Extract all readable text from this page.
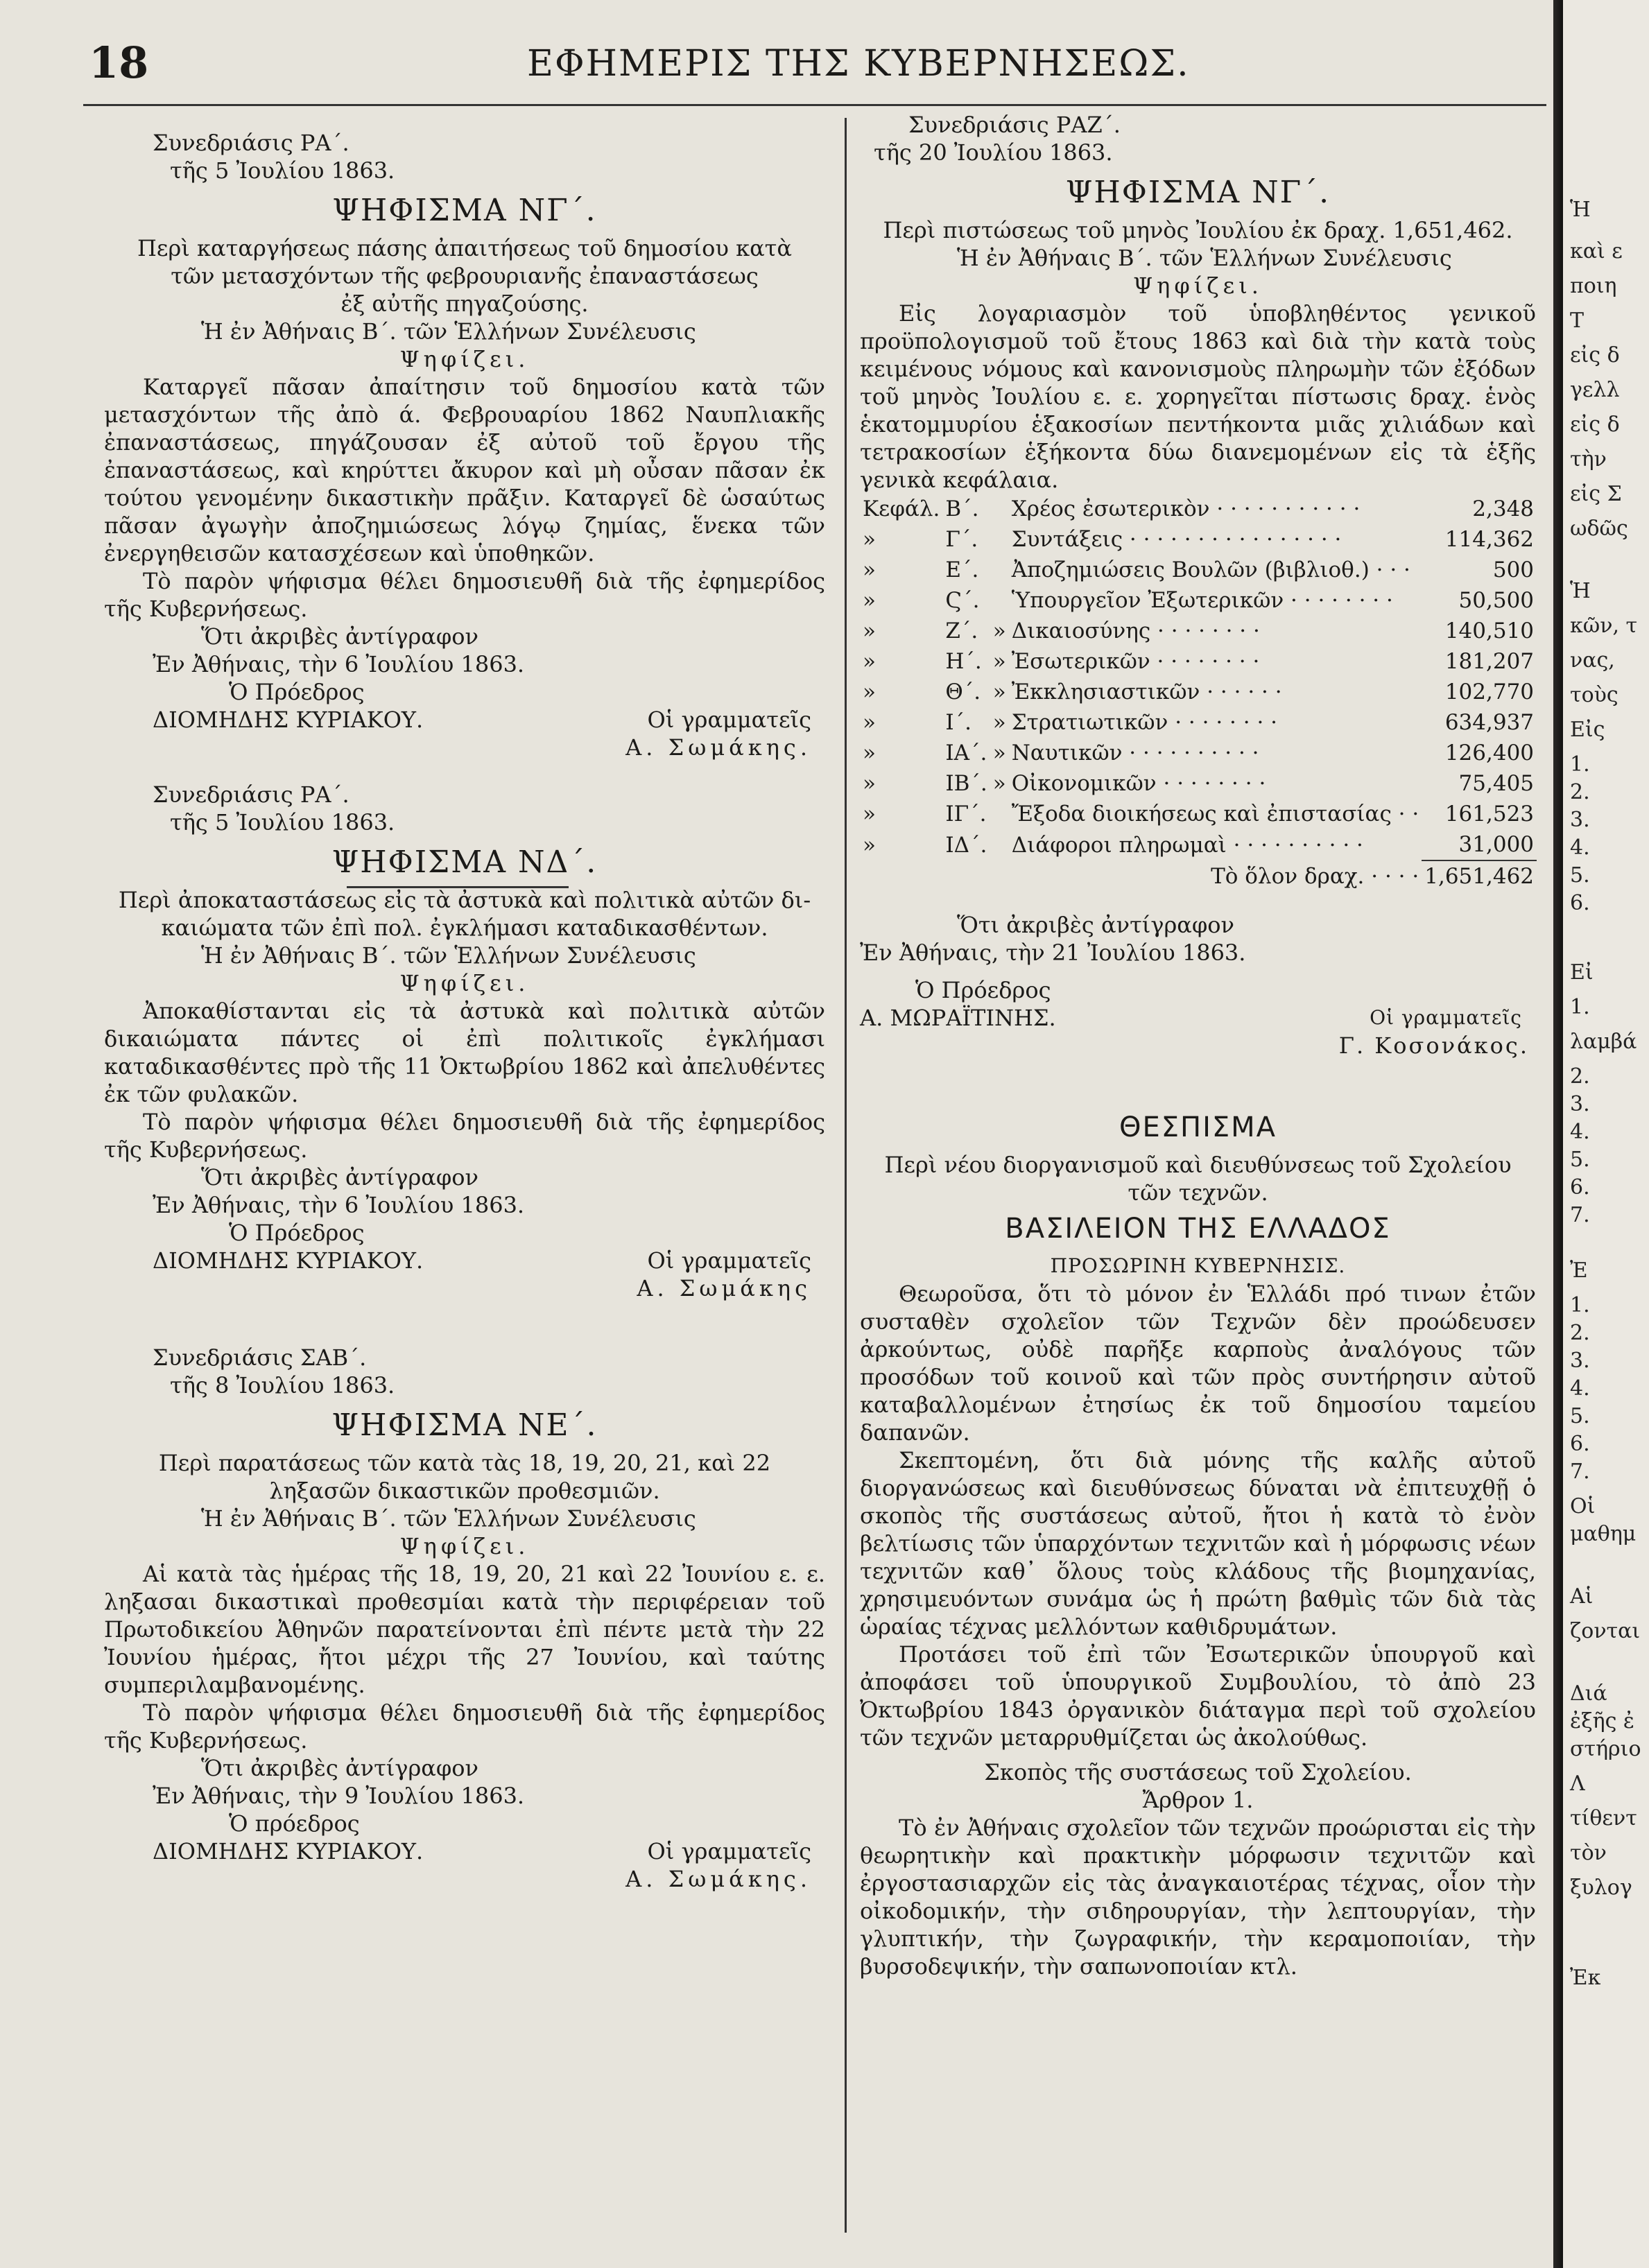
18	ΕΦΗΜΕΡΙΣ ΤΗΣ ΚΥΒΕΡΝΗΣΕΩΣ.

Συνεδριάσις ΡΑ΄.

τῆς 5 Ἰουλίου 1863.

ΨΗΦΙΣΜΑ ΝΓ΄.

Περὶ καταργήσεως πάσης ἀπαιτήσεως τοῦ δημοσίου κατὰ

τῶν μετασχόντων τῆς φεβρουριανῆς ἐπαναστάσεως

ἐξ αὐτῆς πηγαζούσης.

Ἡ ἐν Ἀθήναις Β΄. τῶν Ἑλλήνων Συνέλευσις

Ψηφίζει.

Καταργεῖ πᾶσαν ἀπαίτησιν τοῦ δημοσίου κατὰ τῶν μετασχόντων τῆς ἀπὸ ά. Φεβρουαρίου 1862 Ναυπλιακῆς ἐπαναστάσεως, πηγάζουσαν ἐξ αὐτοῦ τοῦ ἔργου τῆς ἐπαναστάσεως, καὶ κηρύττει ἄκυρον καὶ μὴ οὖσαν πᾶσαν ἐκ τούτου γενομένην δικαστικὴν πρᾶξιν. Καταργεῖ δὲ ὡσαύτως πᾶσαν ἀγωγὴν ἀποζημιώσεως λόγῳ ζημίας, ἕνεκα τῶν ἐνεργηθεισῶν κατασχέσεων καὶ ὑποθηκῶν.

Τὸ παρὸν ψήφισμα θέλει δημοσιευθῆ διὰ τῆς ἐφημερίδος τῆς Κυβερνήσεως.

Ὅτι ἀκριβὲς ἀντίγραφον

Ἐν Ἀθήναις, τὴν 6 Ἰουλίου 1863.

Ὁ Πρόεδρος

ΔΙΟΜΗΔΗΣ ΚΥΡΙΑΚΟΥ.	Οἱ γραμματεῖς

Α. Σωμάκης.

Συνεδριάσις ΡΑ΄.

τῆς 5 Ἰουλίου 1863.

ΨΗΦΙΣΜΑ ΝΔ΄.

Περὶ ἀποκαταστάσεως εἰς τὰ ἀστυκὰ καὶ πολιτικὰ αὐτῶν δι-

καιώματα τῶν ἐπὶ πολ. ἐγκλήμασι καταδικασθέντων.

Ἡ ἐν Ἀθήναις Β΄. τῶν Ἑλλήνων Συνέλευσις

Ψηφίζει.

Ἀποκαθίστανται εἰς τὰ ἀστυκὰ καὶ πολιτικὰ αὐτῶν δικαιώματα πάντες οἱ ἐπὶ πολιτικοῖς ἐγκλήμασι καταδικασθέντες πρὸ τῆς 11 Ὀκτωβρίου 1862 καὶ ἀπελυθέντες ἐκ τῶν φυλακῶν.

Τὸ παρὸν ψήφισμα θέλει δημοσιευθῆ διὰ τῆς ἐφημερίδος τῆς Κυβερνήσεως.

Ὅτι ἀκριβὲς ἀντίγραφον

Ἐν Ἀθήναις, τὴν 6 Ἰουλίου 1863.

Ὁ Πρόεδρος

ΔΙΟΜΗΔΗΣ ΚΥΡΙΑΚΟΥ.	Οἱ γραμματεῖς

Α. Σωμάκης

Συνεδριάσις ΣΑΒ΄.

τῆς 8 Ἰουλίου 1863.

ΨΗΦΙΣΜΑ ΝΕ΄.

Περὶ παρατάσεως τῶν κατὰ τὰς 18, 19, 20, 21, καὶ 22

ληξασῶν δικαστικῶν προθεσμιῶν.

Ἡ ἐν Ἀθήναις Β΄. τῶν Ἑλλήνων Συνέλευσις

Ψηφίζει.

Αἱ κατὰ τὰς ἡμέρας τῆς 18, 19, 20, 21 καὶ 22 Ἰουνίου ε. ε. ληξασαι δικαστικαὶ προθεσμίαι κατὰ τὴν περιφέρειαν τοῦ Πρωτοδικείου Ἀθηνῶν παρατείνονται ἐπὶ πέντε μετὰ τὴν 22 Ἰουνίου ἡμέρας, ἤτοι μέχρι τῆς 27 Ἰουνίου, καὶ ταύτης συμπεριλαμβανομένης.

Τὸ παρὸν ψήφισμα θέλει δημοσιευθῆ διὰ τῆς ἐφημερίδος τῆς Κυβερνήσεως.

Ὅτι ἀκριβὲς ἀντίγραφον

Ἐν Ἀθήναις, τὴν 9 Ἰουλίου 1863.

Ὁ πρόεδρος

ΔΙΟΜΗΔΗΣ ΚΥΡΙΑΚΟΥ.	Οἱ γραμματεῖς

Α. Σωμάκης.

Συνεδριάσις ΡΑΖ΄.

τῆς 20 Ἰουλίου 1863.

ΨΗΦΙΣΜΑ ΝΓ΄.

Περὶ πιστώσεως τοῦ μηνὸς Ἰουλίου ἐκ δραχ. 1,651,462.

Ἡ ἐν Ἀθήναις Β΄. τῶν Ἑλλήνων Συνέλευσις

Ψηφίζει.

Εἰς λογαριασμὸν τοῦ ὑποβληθέντος γενικοῦ προϋπολογισμοῦ τοῦ ἔτους 1863 καὶ διὰ τὴν κατὰ τοὺς κειμένους νόμους καὶ κανονισμοὺς πληρωμὴν τῶν ἐξόδων τοῦ μηνὸς Ἰουλίου ε. ε. χορηγεῖται πίστωσις δραχ. ἑνὸς ἑκατομμυρίου ἑξακοσίων πεντήκοντα μιᾶς χιλιάδων καὶ τετρακοσίων ἑξήκοντα δύω διανεμομένων εἰς τὰ ἑξῆς γενικὰ κεφάλαια.

Κεφάλ.	Β΄.		Χρέος ἐσωτερικὸν · · · · · · · · · · ·	2,348
»	Γ΄.		Συντάξεις · · · · · · · · · · · · · · · ·	114,362
»	Ε΄.		Ἀποζημιώσεις Βουλῶν (βιβλιοθ.) · · ·	500
»	Ϛ΄.		Ὑπουργεῖον Ἐξωτερικῶν · · · · · · · ·	50,500
»	Ζ΄.	»	Δικαιοσύνης · · · · · · · ·	140,510
»	Η΄.	»	Ἐσωτερικῶν · · · · · · · ·	181,207
»	Θ΄.	»	Ἐκκλησιαστικῶν · · · · · ·	102,770
»	Ι΄.	»	Στρατιωτικῶν · · · · · · · ·	634,937
»	ΙΑ΄.	»	Ναυτικῶν · · · · · · · · · ·	126,400
»	ΙΒ΄.	»	Οἰκονομικῶν · · · · · · · ·	75,405
»	ΙΓ΄.		Ἔξοδα διοικήσεως καὶ ἐπιστασίας · ·	161,523
»	ΙΔ΄.		Διάφοροι πληρωμαὶ · · · · · · · · · ·	31,000
Τὸ ὅλον δραχ. · · · ·				1,651,462

Ὅτι ἀκριβὲς ἀντίγραφον

Ἐν Ἀθήναις, τὴν 21 Ἰουλίου 1863.

Ὁ Πρόεδρος

Α. ΜΩΡΑΪΤΙΝΗΣ.	Οἱ γραμματεῖς

Γ. Κοσονάκος.

ΘΕΣΠΙΣΜΑ

Περὶ νέου διοργανισμοῦ καὶ διευθύνσεως τοῦ Σχολείου

τῶν τεχνῶν.

ΒΑΣΙΛΕΙΟΝ ΤΗΣ ΕΛΛΑΔΟΣ

ΠΡΟΣΩΡΙΝΗ ΚΥΒΕΡΝΗΣΙΣ.

Θεωροῦσα, ὅτι τὸ μόνον ἐν Ἑλλάδι πρό τινων ἐτῶν συσταθὲν σχολεῖον τῶν Τεχνῶν δὲν προώδευσεν ἀρκούντως, οὐδὲ παρῆξε καρποὺς ἀναλόγους τῶν προσόδων τοῦ κοινοῦ καὶ τῶν πρὸς συντήρησιν αὐτοῦ καταβαλλομένων ἐτησίως ἐκ τοῦ δημοσίου ταμείου δαπανῶν.

Σκεπτομένη, ὅτι διὰ μόνης τῆς καλῆς αὐτοῦ διοργανώσεως καὶ διευθύνσεως δύναται νὰ ἐπιτευχθῇ ὁ σκοπὸς τῆς συστάσεως αὐτοῦ, ἤτοι ἡ κατὰ τὸ ἐνὸν βελτίωσις τῶν ὑπαρχόντων τεχνιτῶν καὶ ἡ μόρφωσις νέων τεχνιτῶν καθ᾽ ὅλους τοὺς κλάδους τῆς βιομηχανίας, χρησιμευόντων συνάμα ὡς ἡ πρώτη βαθμὶς τῶν διὰ τὰς ὡραίας τέχνας μελλόντων καθιδρυμάτων.

Προτάσει τοῦ ἐπὶ τῶν Ἐσωτερικῶν ὑπουργοῦ καὶ ἀποφάσει τοῦ ὑπουργικοῦ Συμβουλίου, τὸ ἀπὸ 23 Ὀκτωβρίου 1843 ὀργανικὸν διάταγμα περὶ τοῦ σχολείου τῶν τεχνῶν μεταρρυθμίζεται ὡς ἀκολούθως.

Σκοπὸς τῆς συστάσεως τοῦ Σχολείου.

Ἄρθρον 1.

Τὸ ἐν Ἀθήναις σχολεῖον τῶν τεχνῶν προώρισται εἰς τὴν θεωρητικὴν καὶ πρακτικὴν μόρφωσιν τεχνιτῶν καὶ ἐργοστασιαρχῶν εἰς τὰς ἀναγκαιοτέρας τέχνας, οἷον τὴν οἰκοδομικήν, τὴν σιδηρουργίαν, τὴν λεπτουργίαν, τὴν γλυπτικήν, τὴν ζωγραφικήν, τὴν κεραμοποιίαν, τὴν βυρσοδεψικήν, τὴν σαπωνοποιίαν κτλ.

Ἡ
καὶ ε
ποιη
Τ
εἰς δ
γελλ
εἰς δ
τὴν
εἰς Σ
ωδῶς
Ἡ
κῶν, τ
νας,
τοὺς
Εἰς
1.
2.
3.
4.
5.
6.
Εἰ
1.
λαμβά
2.
3.
4.
5.
6.
7.
Ἐ
1.
2.
3.
4.
5.
6.
7.
Οἱ
μαθημ
Αἱ
ζονται
Διά
ἐξῆς ἐ
στήριο
Λ
τίθεντ
τὸν
ξυλογ
Ἐκ
